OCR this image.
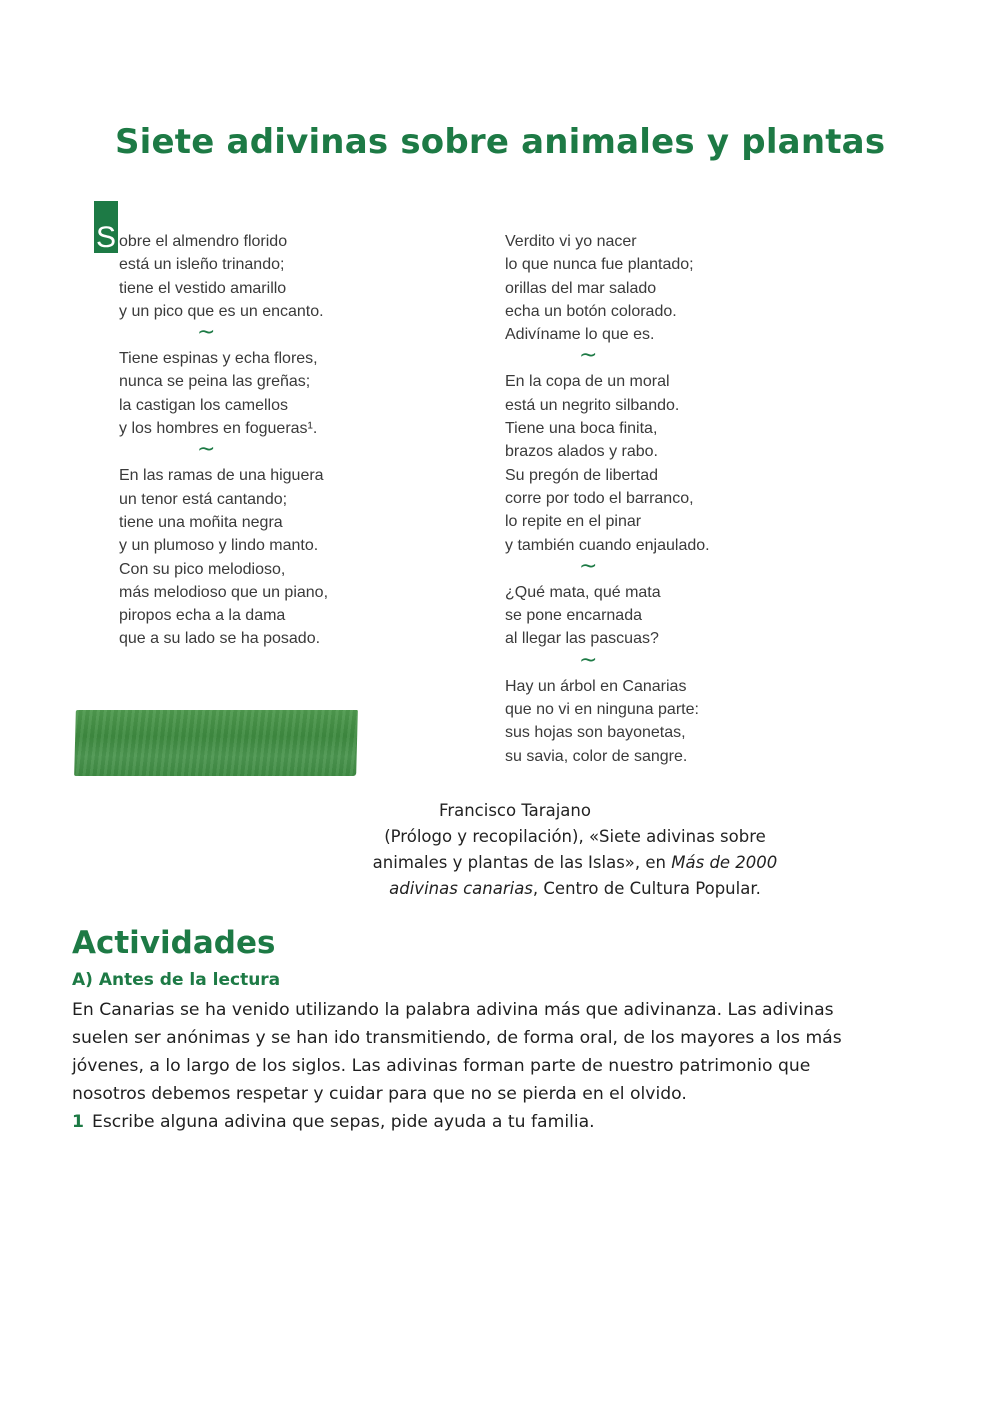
Siete adivinas sobre animales y plantas
S obre el almendro florido
está un isleño trinando;
tiene el vestido amarillo
y un pico que es un encanto.
~
Tiene espinas y echa flores,
nunca se peina las greñas;
la castigan los camellos
y los hombres en fogueras¹.
~
En las ramas de una higuera
un tenor está cantando;
tiene una moñita negra
y un plumoso y lindo manto.
Con su pico melodioso,
más melodioso que un piano,
piropos echa a la dama
que a su lado se ha posado.
Verdito vi yo nacer
lo que nunca fue plantado;
orillas del mar salado
echa un botón colorado.
Adivíname lo que es.
~
En la copa de un moral
está un negrito silbando.
Tiene una boca finita,
brazos alados y rabo.
Su pregón de libertad
corre por todo el barranco,
lo repite en el pinar
y también cuando enjaulado.
~
¿Qué mata, qué mata
se pone encarnada
al llegar las pascuas?
~
Hay un árbol en Canarias
que no vi en ninguna parte:
sus hojas son bayonetas,
su savia, color de sangre.
Francisco Tarajano
(Prólogo y recopilación), «Siete adivinas sobre
animales y plantas de las Islas», en Más de 2000
adivinas canarias, Centro de Cultura Popular.
Actividades
A) Antes de la lectura

En Canarias se ha venido utilizando la palabra adivina más que adivinanza. Las adivinas
suelen ser anónimas y se han ido transmitiendo, de forma oral, de los mayores a los más
jóvenes, a lo largo de los siglos. Las adivinas forman parte de nuestro patrimonio que
nosotros debemos respetar y cuidar para que no se pierda en el olvido.

1 Escribe alguna adivina que sepas, pide ayuda a tu familia.
